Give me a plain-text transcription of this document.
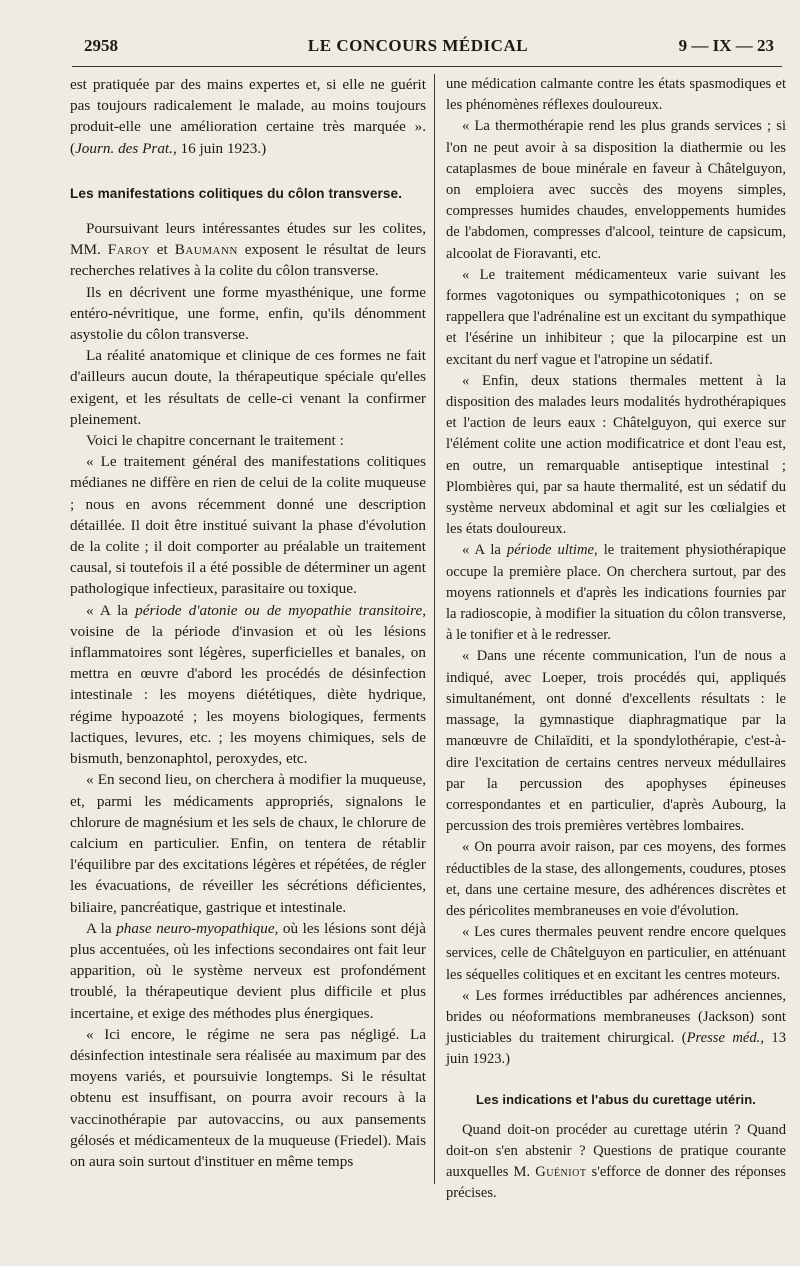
2958	LE CONCOURS MÉDICAL	9 — IX — 23

est pratiquée par des mains expertes et, si elle ne guérit pas toujours radicalement le malade, au moins toujours produit-elle une amélioration certaine très marquée ». (Journ. des Prat., 16 juin 1923.)

Les manifestations colitiques du côlon transverse.

Poursuivant leurs intéressantes études sur les colites, MM. Faroy et Baumann exposent le résultat de leurs recherches relatives à la colite du côlon transverse.

Ils en décrivent une forme myasthénique, une forme entéro-névritique, une forme, enfin, qu'ils dénomment asystolie du côlon transverse.

La réalité anatomique et clinique de ces formes ne fait d'ailleurs aucun doute, la thérapeutique spéciale qu'elles exigent, et les résultats de celle-ci venant la confirmer pleinement.

Voici le chapitre concernant le traitement :

« Le traitement général des manifestations colitiques médianes ne diffère en rien de celui de la colite muqueuse ; nous en avons récemment donné une description détaillée. Il doit être institué suivant la phase d'évolution de la colite ; il doit comporter au préalable un traitement causal, si toutefois il a été possible de déterminer un agent pathologique infectieux, parasitaire ou toxique.

« A la période d'atonie ou de myopathie transitoire, voisine de la période d'invasion et où les lésions inflammatoires sont légères, superficielles et banales, on mettra en œuvre d'abord les procédés de désinfection intestinale : les moyens diététiques, diète hydrique, régime hypoazoté ; les moyens biologiques, ferments lactiques, levures, etc. ; les moyens chimiques, sels de bismuth, benzonaphtol, peroxydes, etc.

« En second lieu, on cherchera à modifier la muqueuse, et, parmi les médicaments appropriés, signalons le chlorure de magnésium et les sels de chaux, le chlorure de calcium en particulier. Enfin, on tentera de rétablir l'équilibre par des excitations légères et répétées, de régler les évacuations, de réveiller les sécrétions déficientes, biliaire, pancréatique, gastrique et intestinale.

A la phase neuro-myopathique, où les lésions sont déjà plus accentuées, où les infections secondaires ont fait leur apparition, où le système nerveux est profondément troublé, la thérapeutique devient plus difficile et plus incertaine, et exige des méthodes plus énergiques.

« Ici encore, le régime ne sera pas négligé. La désinfection intestinale sera réalisée au maximum par des moyens variés, et poursuivie longtemps. Si le résultat obtenu est insuffisant, on pourra avoir recours à la vaccinothérapie par autovaccins, ou aux pansements gélosés et médicamenteux de la muqueuse (Friedel). Mais on aura soin surtout d'instituer en même temps

une médication calmante contre les états spasmodiques et les phénomènes réflexes douloureux.

« La thermothérapie rend les plus grands services ; si l'on ne peut avoir à sa disposition la diathermie ou les cataplasmes de boue minérale en faveur à Châtelguyon, on emploiera avec succès des moyens simples, compresses humides chaudes, enveloppements humides de l'abdomen, compresses d'alcool, teinture de capsicum, alcoolat de Fioravanti, etc.

« Le traitement médicamenteux varie suivant les formes vagotoniques ou sympathicotoniques ; on se rappellera que l'adrénaline est un excitant du sympathique et l'ésérine un inhibiteur ; que la pilocarpine est un excitant du nerf vague et l'atropine un sédatif.

« Enfin, deux stations thermales mettent à la disposition des malades leurs modalités hydrothérapiques et l'action de leurs eaux : Châtelguyon, qui exerce sur l'élément colite une action modificatrice et dont l'eau est, en outre, un remarquable antiseptique intestinal ; Plombières qui, par sa haute thermalité, est un sédatif du système nerveux abdominal et agit sur les cœlialgies et les états douloureux.

« A la période ultime, le traitement physiothérapique occupe la première place. On cherchera surtout, par des moyens rationnels et d'après les indications fournies par la radioscopie, à modifier la situation du côlon transverse, à le tonifier et à le redresser.

« Dans une récente communication, l'un de nous a indiqué, avec Loeper, trois procédés qui, appliqués simultanément, ont donné d'excellents résultats : le massage, la gymnastique diaphragmatique par la manœuvre de Chilaïditi, et la spondylothérapie, c'est-à-dire l'excitation de certains centres nerveux médullaires par la percussion des apophyses épineuses correspondantes et en particulier, d'après Aubourg, la percussion des trois premières vertèbres lombaires.

« On pourra avoir raison, par ces moyens, des formes réductibles de la stase, des allongements, coudures, ptoses et, dans une certaine mesure, des adhérences discrètes et des péricolites membraneuses en voie d'évolution.

« Les cures thermales peuvent rendre encore quelques services, celle de Châtelguyon en particulier, en atténuant les séquelles colitiques et en excitant les centres moteurs.

« Les formes irréductibles par adhérences anciennes, brides ou néoformations membraneuses (Jackson) sont justiciables du traitement chirurgical. (Presse méd., 13 juin 1923.)

Les indications et l'abus du curettage utérin.

Quand doit-on procéder au curettage utérin ? Quand doit-on s'en abstenir ? Questions de pratique courante auxquelles M. Guéniot s'efforce de donner des réponses précises.
